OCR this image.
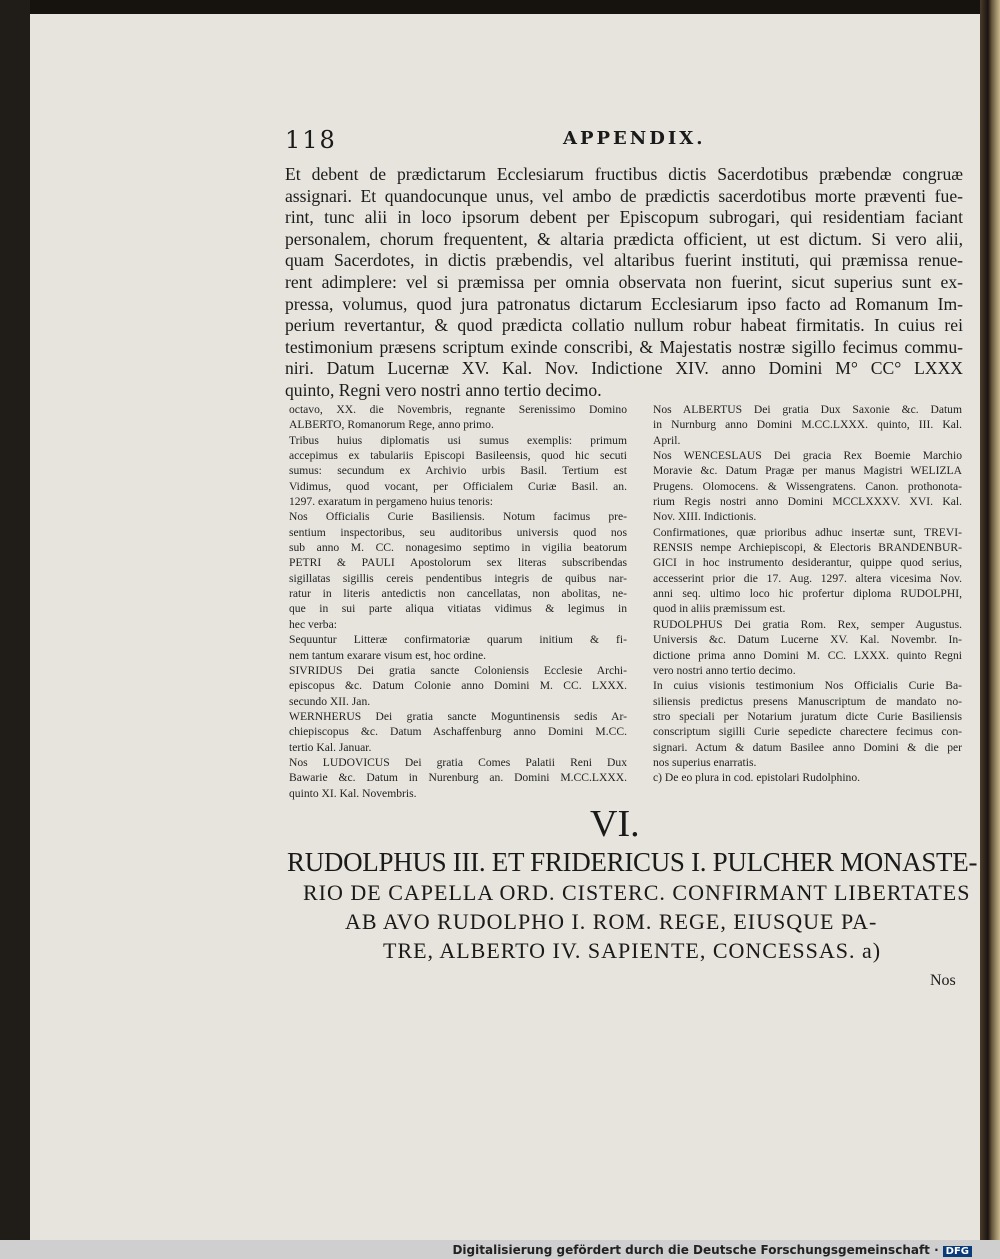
118	APPENDIX.
Et debent de prædictarum Ecclesiarum fructibus dictis Sacerdotibus præbendæ congruæ
assignari. Et quandocunque unus, vel ambo de prædictis sacerdotibus morte præventi fue-
rint, tunc alii in loco ipsorum debent per Episcopum subrogari, qui residentiam faciant
personalem, chorum frequentent, & altaria prædicta officient, ut est dictum. Si vero alii,
quam Sacerdotes, in dictis præbendis, vel altaribus fuerint instituti, qui præmissa renue-
rent adimplere: vel si præmissa per omnia observata non fuerint, sicut superius sunt ex-
pressa, volumus, quod jura patronatus dictarum Ecclesiarum ipso facto ad Romanum Im-
perium revertantur, & quod prædicta collatio nullum robur habeat firmitatis. In cuius rei
testimonium præsens scriptum exinde conscribi, & Majestatis nostræ sigillo fecimus commu-
niri. Datum Lucernæ XV. Kal. Nov. Indictione XIV. anno Domini M° CC° LXXX
quinto, Regni vero nostri anno tertio decimo.
octavo, XX. die Novembris, regnante Serenissimo Domino
ALBERTO, Romanorum Rege, anno primo.
Tribus huius diplomatis usi sumus exemplis: primum
accepimus ex tabulariis Episcopi Basileensis, quod hic secuti
sumus: secundum ex Archivio urbis Basil. Tertium est
Vidimus, quod vocant, per Officialem Curiæ Basil. an.
1297. exaratum in pergameno huius tenoris:
Nos Officialis Curie Basiliensis. Notum facimus pre-
sentium inspectoribus, seu auditoribus universis quod nos
sub anno M. CC. nonagesimo septimo in vigilia beatorum
PETRI & PAULI Apostolorum sex literas subscribendas
sigillatas sigillis cereis pendentibus integris de quibus nar-
ratur in literis antedictis non cancellatas, non abolitas, ne-
que in sui parte aliqua vitiatas vidimus & legimus in
hec verba:
Sequuntur Litteræ confirmatoriæ quarum initium & fi-
nem tantum exarare visum est, hoc ordine.
SIVRIDUS Dei gratia sancte Coloniensis Ecclesie Archi-
episcopus &c. Datum Colonie anno Domini M. CC. LXXX.
secundo XII. Jan.
WERNHERUS Dei gratia sancte Moguntinensis sedis Ar-
chiepiscopus &c. Datum Aschaffenburg anno Domini M.CC.
tertio Kal. Januar.
Nos LUDOVICUS Dei gratia Comes Palatii Reni Dux
Bawarie &c. Datum in Nurenburg an. Domini M.CC.LXXX.
quinto XI. Kal. Novembris.
Nos ALBERTUS Dei gratia Dux Saxonie &c. Datum
in Nurnburg anno Domini M.CC.LXXX. quinto, III. Kal.
April.
Nos WENCESLAUS Dei gracia Rex Boemie Marchio
Moravie &c. Datum Pragæ per manus Magistri WELIZLA
Prugens. Olomocens. & Wissengratens. Canon. prothonota-
rium Regis nostri anno Domini MCCLXXXV. XVI. Kal.
Nov. XIII. Indictionis.
Confirmationes, quæ prioribus adhuc insertæ sunt, TREVI-
RENSIS nempe Archiepiscopi, & Electoris BRANDENBUR-
GICI in hoc instrumento desiderantur, quippe quod serius,
accesserint prior die 17. Aug. 1297. altera vicesima Nov.
anni seq. ultimo loco hic profertur diploma RUDOLPHI,
quod in aliis præmissum est.
RUDOLPHUS Dei gratia Rom. Rex, semper Augustus.
Universis &c. Datum Lucerne XV. Kal. Novembr. In-
dictione prima anno Domini M. CC. LXXX. quinto Regni
vero nostri anno tertio decimo.
In cuius visionis testimonium Nos Officialis Curie Ba-
siliensis predictus presens Manuscriptum de mandato no-
stro speciali per Notarium juratum dicte Curie Basiliensis
conscriptum sigilli Curie sepedicte charectere fecimus con-
signari. Actum & datum Basilee anno Domini & die per
nos superius enarratis.
c) De eo plura in cod. epistolari Rudolphino.
VI.
RUDOLPHUS III. ET FRIDERICUS I. PULCHER MONASTE-
RIO DE CAPELLA ORD. CISTERC. CONFIRMANT LIBERTATES
AB AVO RUDOLPHO I. ROM. REGE, EIUSQUE PA-
TRE, ALBERTO IV. SAPIENTE, CONCESSAS. a)
Nos
Digitalisierung gefördert durch die Deutsche Forschungsgemeinschaft · DFG
